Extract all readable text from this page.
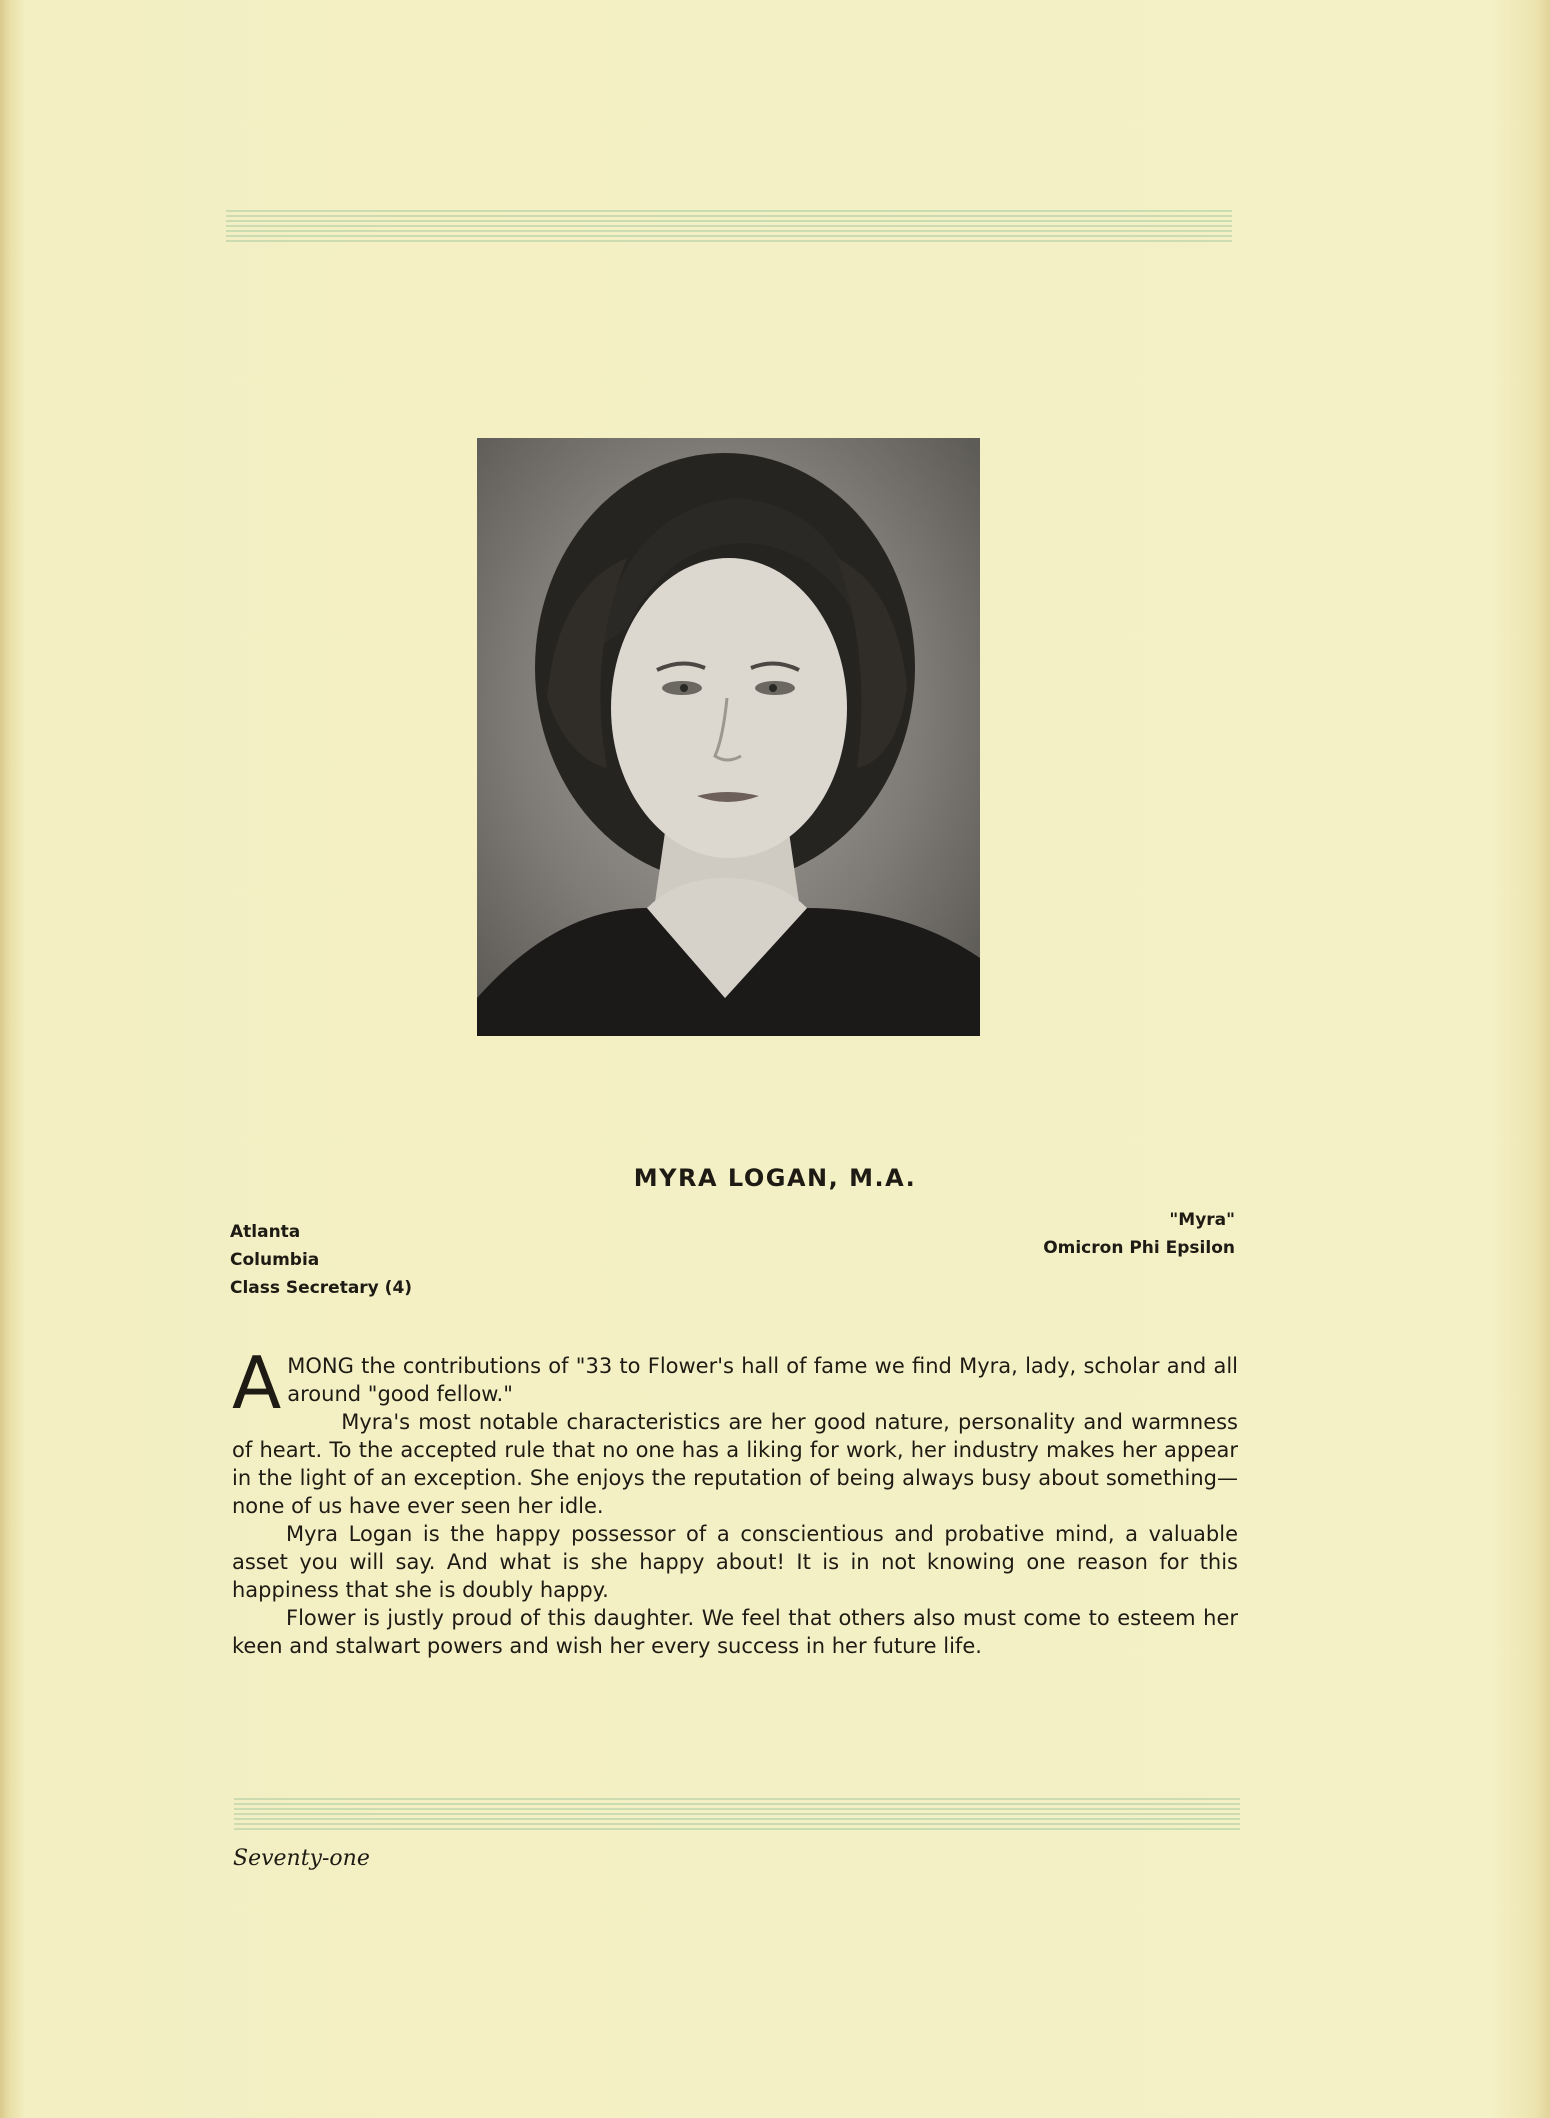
MYRA LOGAN, M.A.
Atlanta
Columbia
Class Secretary (4)
"Myra"
Omicron Phi Epsilon

AMONG the contributions of "33 to Flower's hall of fame we find Myra, lady, scholar and all around "good fellow."

Myra's most notable characteristics are her good nature, personality and warmness of heart. To the accepted rule that no one has a liking for work, her industry makes her appear in the light of an exception. She enjoys the reputation of being always busy about something—none of us have ever seen her idle.

Myra Logan is the happy possessor of a conscientious and probative mind, a valuable asset you will say. And what is she happy about! It is in not knowing one reason for this happiness that she is doubly happy.

Flower is justly proud of this daughter. We feel that others also must come to esteem her keen and stalwart powers and wish her every success in her future life.

Seventy-one
